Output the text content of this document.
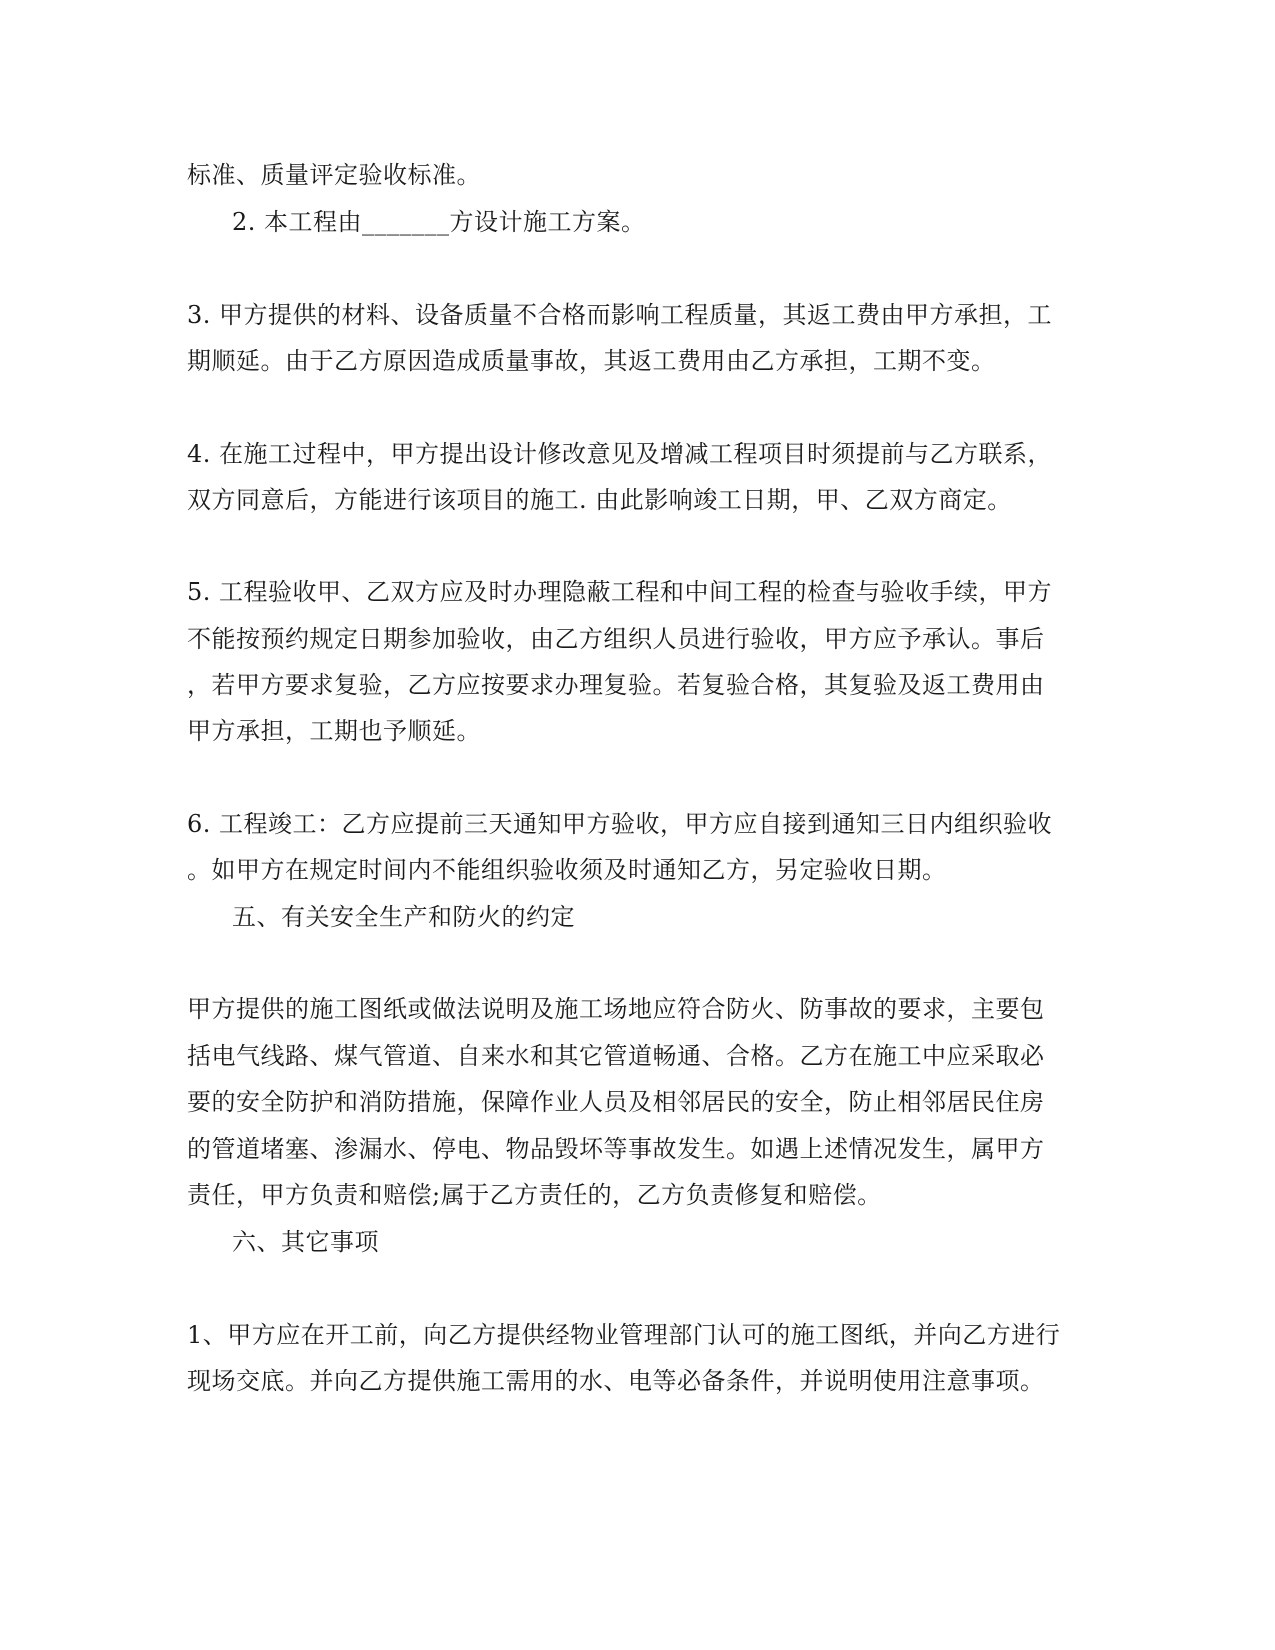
标准、质量评定验收标准。
2. 本工程由_______方设计施工方案。
3. 甲方提供的材料、设备质量不合格而影响工程质量，其返工费由甲方承担，工
期顺延。由于乙方原因造成质量事故，其返工费用由乙方承担，工期不变。
4. 在施工过程中，甲方提出设计修改意见及增减工程项目时须提前与乙方联系，
双方同意后，方能进行该项目的施工. 由此影响竣工日期，甲、乙双方商定。
5. 工程验收甲、乙双方应及时办理隐蔽工程和中间工程的检查与验收手续，甲方
不能按预约规定日期参加验收，由乙方组织人员进行验收，甲方应予承认。事后
，若甲方要求复验，乙方应按要求办理复验。若复验合格，其复验及返工费用由
甲方承担，工期也予顺延。
6. 工程竣工：乙方应提前三天通知甲方验收，甲方应自接到通知三日内组织验收
。如甲方在规定时间内不能组织验收须及时通知乙方，另定验收日期。
五、有关安全生产和防火的约定
甲方提供的施工图纸或做法说明及施工场地应符合防火、防事故的要求，主要包
括电气线路、煤气管道、自来水和其它管道畅通、合格。乙方在施工中应采取必
要的安全防护和消防措施，保障作业人员及相邻居民的安全，防止相邻居民住房
的管道堵塞、渗漏水、停电、物品毁坏等事故发生。如遇上述情况发生，属甲方
责任，甲方负责和赔偿;属于乙方责任的，乙方负责修复和赔偿。
六、其它事项
1、甲方应在开工前，向乙方提供经物业管理部门认可的施工图纸，并向乙方进行
现场交底。并向乙方提供施工需用的水、电等必备条件，并说明使用注意事项。
